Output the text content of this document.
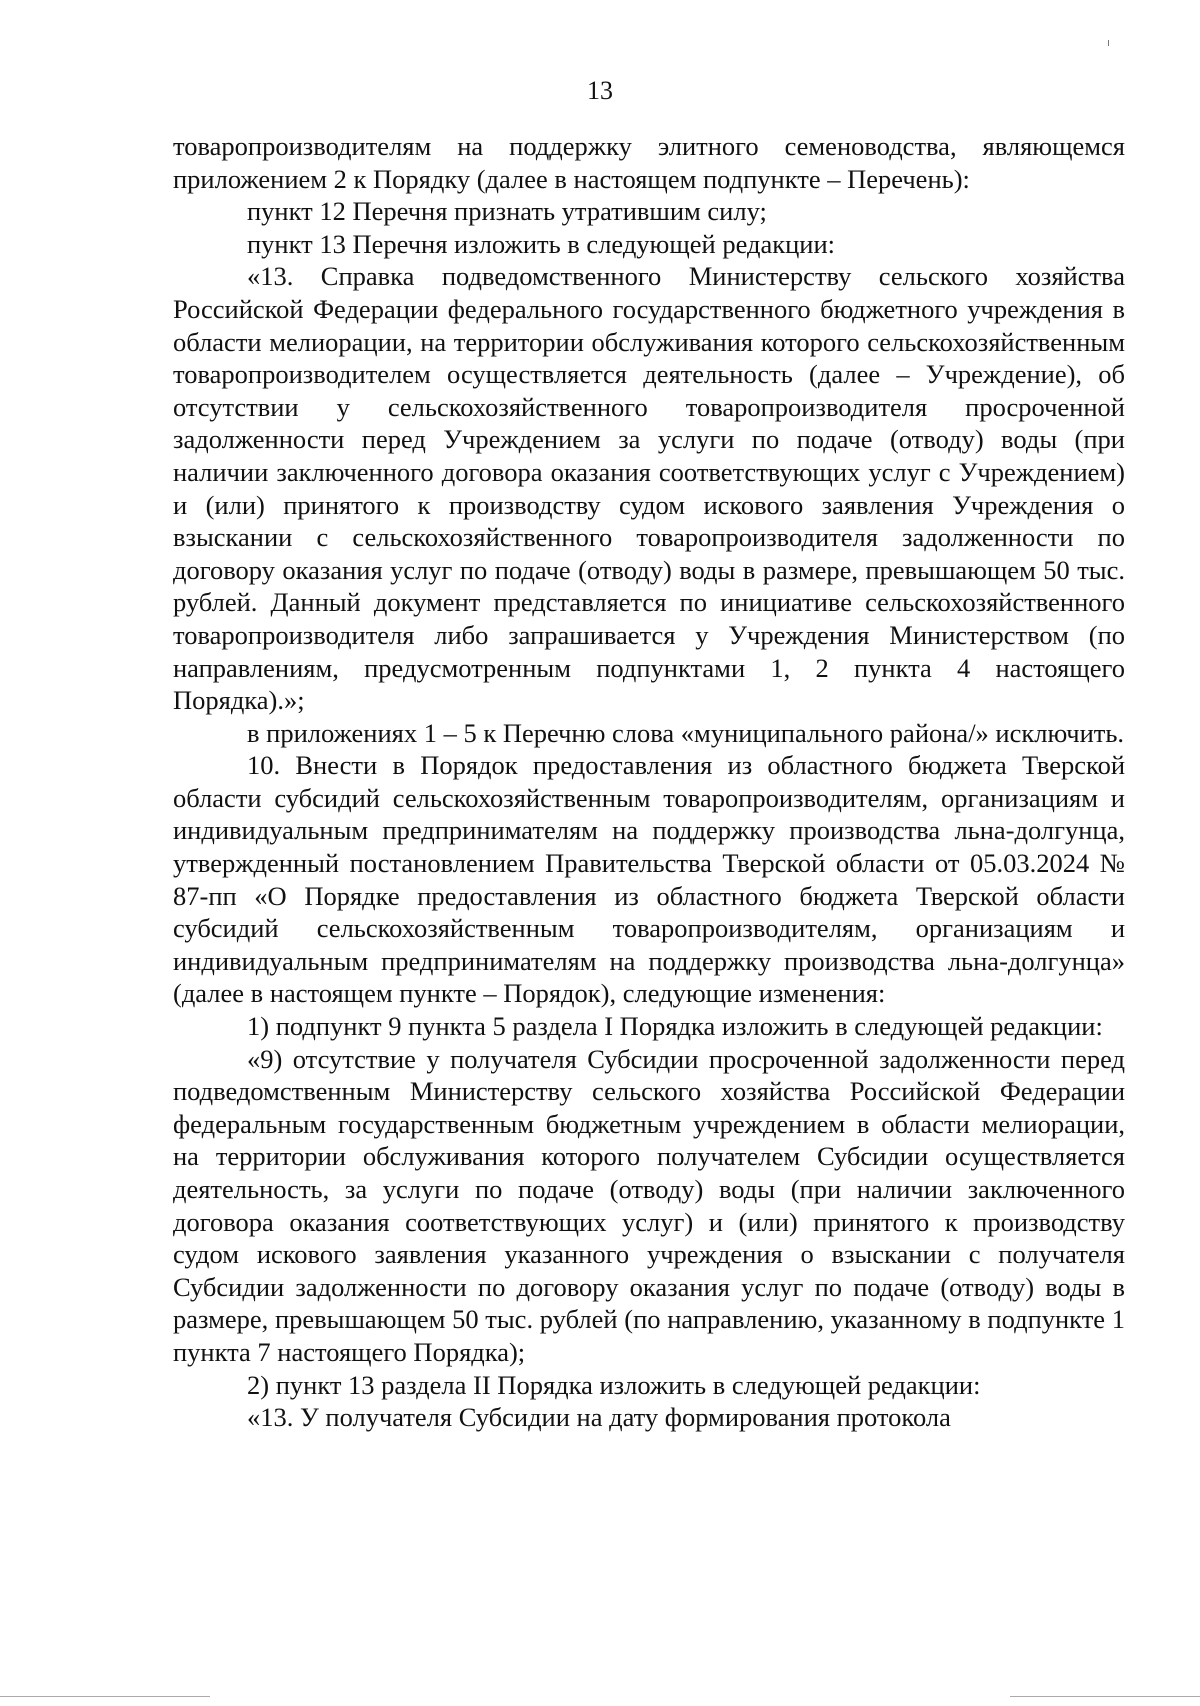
13

товаропроизводителям на поддержку элитного семеноводства, являющемся приложением 2 к Порядку (далее в настоящем подпункте – Перечень):

пункт 12 Перечня признать утратившим силу;

пункт 13 Перечня изложить в следующей редакции:

«13. Справка подведомственного Министерству сельского хозяйства Российской Федерации федерального государственного бюджетного учреждения в области мелиорации, на территории обслуживания которого сельскохозяйственным товаропроизводителем осуществляется деятельность (далее – Учреждение), об отсутствии у сельскохозяйственного товаропроизводителя просроченной задолженности перед Учреждением за услуги по подаче (отводу) воды (при наличии заключенного договора оказания соответствующих услуг с Учреждением) и (или) принятого к производству судом искового заявления Учреждения о взыскании с сельскохозяйственного товаропроизводителя задолженности по договору оказания услуг по подаче (отводу) воды в размере, превышающем 50 тыс. рублей. Данный документ представляется по инициативе сельскохозяйственного товаропроизводителя либо запрашивается у Учреждения Министерством (по направлениям, предусмотренным подпунктами 1, 2 пункта 4 настоящего Порядка).»;

в приложениях 1 – 5 к Перечню слова «муниципального района/» исключить.

10. Внести в Порядок предоставления из областного бюджета Тверской области субсидий сельскохозяйственным товаропроизводителям, организациям и индивидуальным предпринимателям на поддержку производства льна-долгунца, утвержденный постановлением Правительства Тверской области от 05.03.2024 № 87-пп «О Порядке предоставления из областного бюджета Тверской области субсидий сельскохозяйственным товаропроизводителям, организациям и индивидуальным предпринимателям на поддержку производства льна-долгунца» (далее в настоящем пункте – Порядок), следующие изменения:

1) подпункт 9 пункта 5 раздела I Порядка изложить в следующей редакции:

«9) отсутствие у получателя Субсидии просроченной задолженности перед подведомственным Министерству сельского хозяйства Российской Федерации федеральным государственным бюджетным учреждением в области мелиорации, на территории обслуживания которого получателем Субсидии осуществляется деятельность, за услуги по подаче (отводу) воды (при наличии заключенного договора оказания соответствующих услуг) и (или) принятого к производству судом искового заявления указанного учреждения о взыскании с получателя Субсидии задолженности по договору оказания услуг по подаче (отводу) воды в размере, превышающем 50 тыс. рублей (по направлению, указанному в подпункте 1 пункта 7 настоящего Порядка);

2) пункт 13 раздела II Порядка изложить в следующей редакции:

«13. У получателя Субсидии на дату формирования протокола
